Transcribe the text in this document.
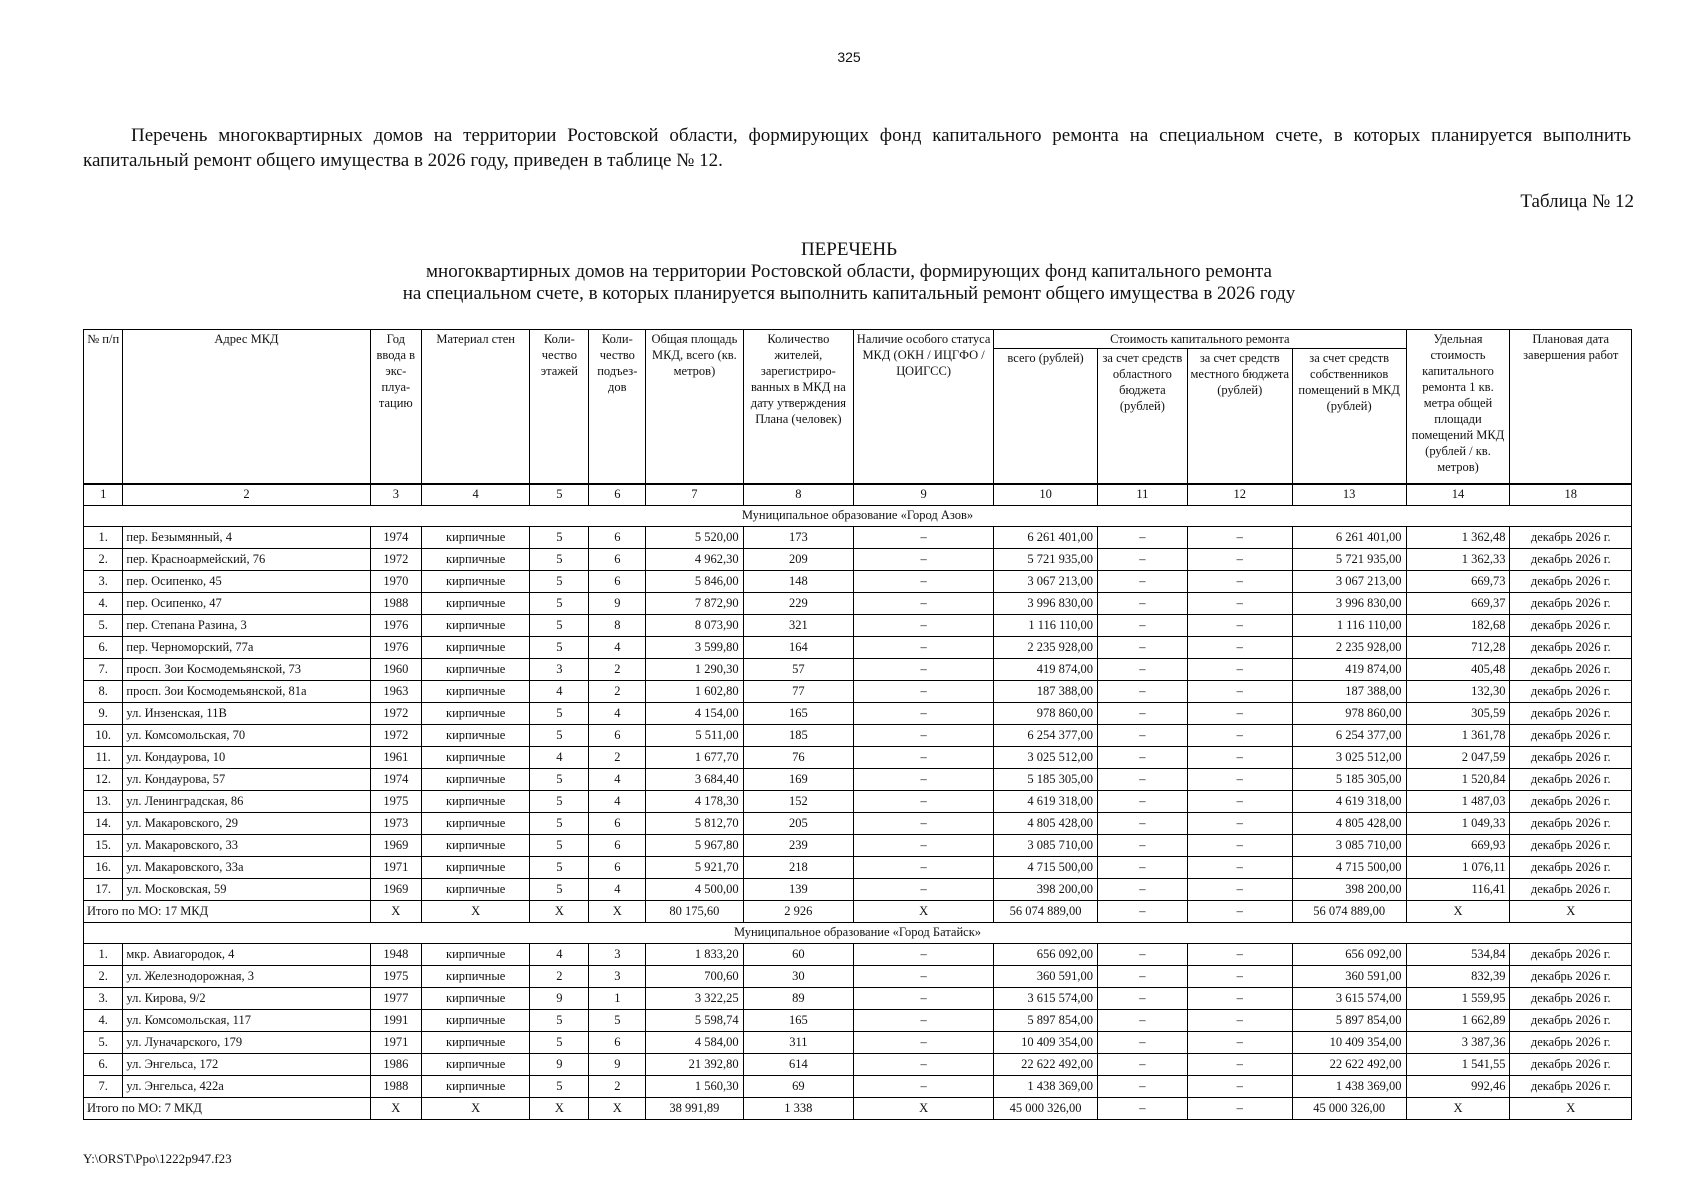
325
Перечень многоквартирных домов на территории Ростовской области, формирующих фонд капитального ремонта на специальном счете, в которых планируется выполнить капитальный ремонт общего имущества в 2026 году, приведен в таблице № 12.
Таблица № 12
ПЕРЕЧЕНЬ
многоквартирных домов на территории Ростовской области, формирующих фонд капитального ремонта
на специальном счете, в которых планируется выполнить капитальный ремонт общего имущества в 2026 году
№ п/п	Адрес МКД	Год ввода в экс-плуа-тацию	Материал стен	Коли-чество этажей	Коли-чество подъез-дов	Общая площадь МКД, всего (кв. метров)	Количество жителей, зарегистриро-ванных в МКД на дату утверждения Плана (человек)	Наличие особого статуса МКД (ОКН / ИЦГФО / ЦОИГСС)	Стоимость капитального ремонта				Удельная стоимость капитального ремонта 1 кв. метра общей площади помещений МКД (рублей / кв. метров)	Плановая дата завершения работ
									всего (рублей)	за счет средств областного бюджета (рублей)	за счет средств местного бюджета (рублей)	за счет средств собственников помещений в МКД (рублей)		
1	2	3	4	5	6	7	8	9	10	11	12	13	14	18
Муниципальное образование «Город Азов»														
1.	пер. Безымянный, 4	1974	кирпичные	5	6	5 520,00	173	–	6 261 401,00	–	–	6 261 401,00	1 362,48	декабрь 2026 г.
2.	пер. Красноармейский, 76	1972	кирпичные	5	6	4 962,30	209	–	5 721 935,00	–	–	5 721 935,00	1 362,33	декабрь 2026 г.
3.	пер. Осипенко, 45	1970	кирпичные	5	6	5 846,00	148	–	3 067 213,00	–	–	3 067 213,00	669,73	декабрь 2026 г.
4.	пер. Осипенко, 47	1988	кирпичные	5	9	7 872,90	229	–	3 996 830,00	–	–	3 996 830,00	669,37	декабрь 2026 г.
5.	пер. Степана Разина, 3	1976	кирпичные	5	8	8 073,90	321	–	1 116 110,00	–	–	1 116 110,00	182,68	декабрь 2026 г.
6.	пер. Черноморский, 77а	1976	кирпичные	5	4	3 599,80	164	–	2 235 928,00	–	–	2 235 928,00	712,28	декабрь 2026 г.
7.	просп. Зои Космодемьянской, 73	1960	кирпичные	3	2	1 290,30	57	–	419 874,00	–	–	419 874,00	405,48	декабрь 2026 г.
8.	просп. Зои Космодемьянской, 81а	1963	кирпичные	4	2	1 602,80	77	–	187 388,00	–	–	187 388,00	132,30	декабрь 2026 г.
9.	ул. Инзенская, 11В	1972	кирпичные	5	4	4 154,00	165	–	978 860,00	–	–	978 860,00	305,59	декабрь 2026 г.
10.	ул. Комсомольская, 70	1972	кирпичные	5	6	5 511,00	185	–	6 254 377,00	–	–	6 254 377,00	1 361,78	декабрь 2026 г.
11.	ул. Кондаурова, 10	1961	кирпичные	4	2	1 677,70	76	–	3 025 512,00	–	–	3 025 512,00	2 047,59	декабрь 2026 г.
12.	ул. Кондаурова, 57	1974	кирпичные	5	4	3 684,40	169	–	5 185 305,00	–	–	5 185 305,00	1 520,84	декабрь 2026 г.
13.	ул. Ленинградская, 86	1975	кирпичные	5	4	4 178,30	152	–	4 619 318,00	–	–	4 619 318,00	1 487,03	декабрь 2026 г.
14.	ул. Макаровского, 29	1973	кирпичные	5	6	5 812,70	205	–	4 805 428,00	–	–	4 805 428,00	1 049,33	декабрь 2026 г.
15.	ул. Макаровского, 33	1969	кирпичные	5	6	5 967,80	239	–	3 085 710,00	–	–	3 085 710,00	669,93	декабрь 2026 г.
16.	ул. Макаровского, 33а	1971	кирпичные	5	6	5 921,70	218	–	4 715 500,00	–	–	4 715 500,00	1 076,11	декабрь 2026 г.
17.	ул. Московская, 59	1969	кирпичные	5	4	4 500,00	139	–	398 200,00	–	–	398 200,00	116,41	декабрь 2026 г.
Итого по МО: 17 МКД		X	X	X	X	80 175,60	2 926	X	56 074 889,00	–	–	56 074 889,00	X	X
Муниципальное образование «Город Батайск»														
1.	мкр. Авиагородок, 4	1948	кирпичные	4	3	1 833,20	60	–	656 092,00	–	–	656 092,00	534,84	декабрь 2026 г.
2.	ул. Железнодорожная, 3	1975	кирпичные	2	3	700,60	30	–	360 591,00	–	–	360 591,00	832,39	декабрь 2026 г.
3.	ул. Кирова, 9/2	1977	кирпичные	9	1	3 322,25	89	–	3 615 574,00	–	–	3 615 574,00	1 559,95	декабрь 2026 г.
4.	ул. Комсомольская, 117	1991	кирпичные	5	5	5 598,74	165	–	5 897 854,00	–	–	5 897 854,00	1 662,89	декабрь 2026 г.
5.	ул. Луначарского, 179	1971	кирпичные	5	6	4 584,00	311	–	10 409 354,00	–	–	10 409 354,00	3 387,36	декабрь 2026 г.
6.	ул. Энгельса, 172	1986	кирпичные	9	9	21 392,80	614	–	22 622 492,00	–	–	22 622 492,00	1 541,55	декабрь 2026 г.
7.	ул. Энгельса, 422а	1988	кирпичные	5	2	1 560,30	69	–	1 438 369,00	–	–	1 438 369,00	992,46	декабрь 2026 г.
Итого по МО: 7 МКД		X	X	X	X	38 991,89	1 338	X	45 000 326,00	–	–	45 000 326,00	X	X
Y:\ORST\Ppo\1222p947.f23
